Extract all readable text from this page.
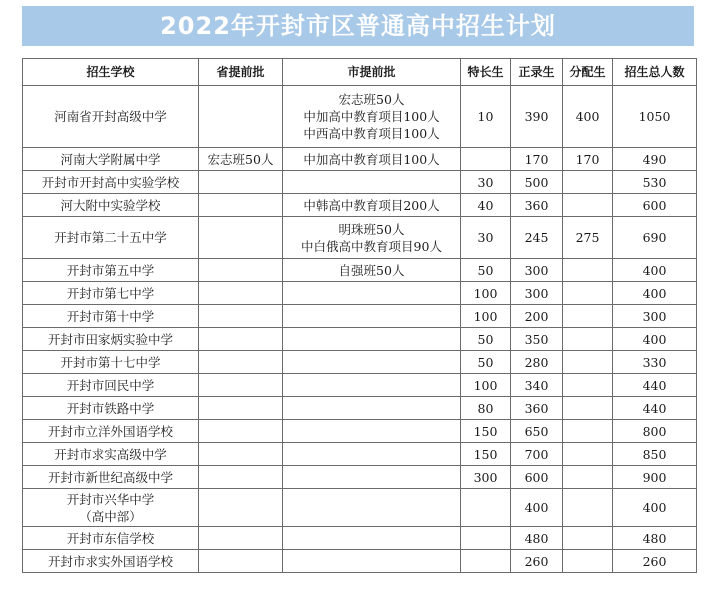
2022年开封市区普通高中招生计划
招生学校	省提前批	市提前批	特长生	正录生	分配生	招生总人数
河南省开封高级中学		宏志班50人
中加高中教育项目100人
中西高中教育项目100人	10	390	400	1050
河南大学附属中学	宏志班50人	中加高中教育项目100人		170	170	490
开封市开封高中实验学校			30	500		530
河大附中实验学校		中韩高中教育项目200人	40	360		600
开封市第二十五中学		明珠班50人
中白俄高中教育项目90人	30	245	275	690
开封市第五中学		自强班50人	50	300		400
开封市第七中学			100	300		400
开封市第十中学			100	200		300
开封市田家炳实验中学			50	350		400
开封市第十七中学			50	280		330
开封市回民中学			100	340		440
开封市铁路中学			80	360		440
开封市立洋外国语学校			150	650		800
开封市求实高级中学			150	700		850
开封市新世纪高级中学			300	600		900

开封市兴华中学
（高中部）				400		400
开封市东信学校				480		480
开封市求实外国语学校				260		260
